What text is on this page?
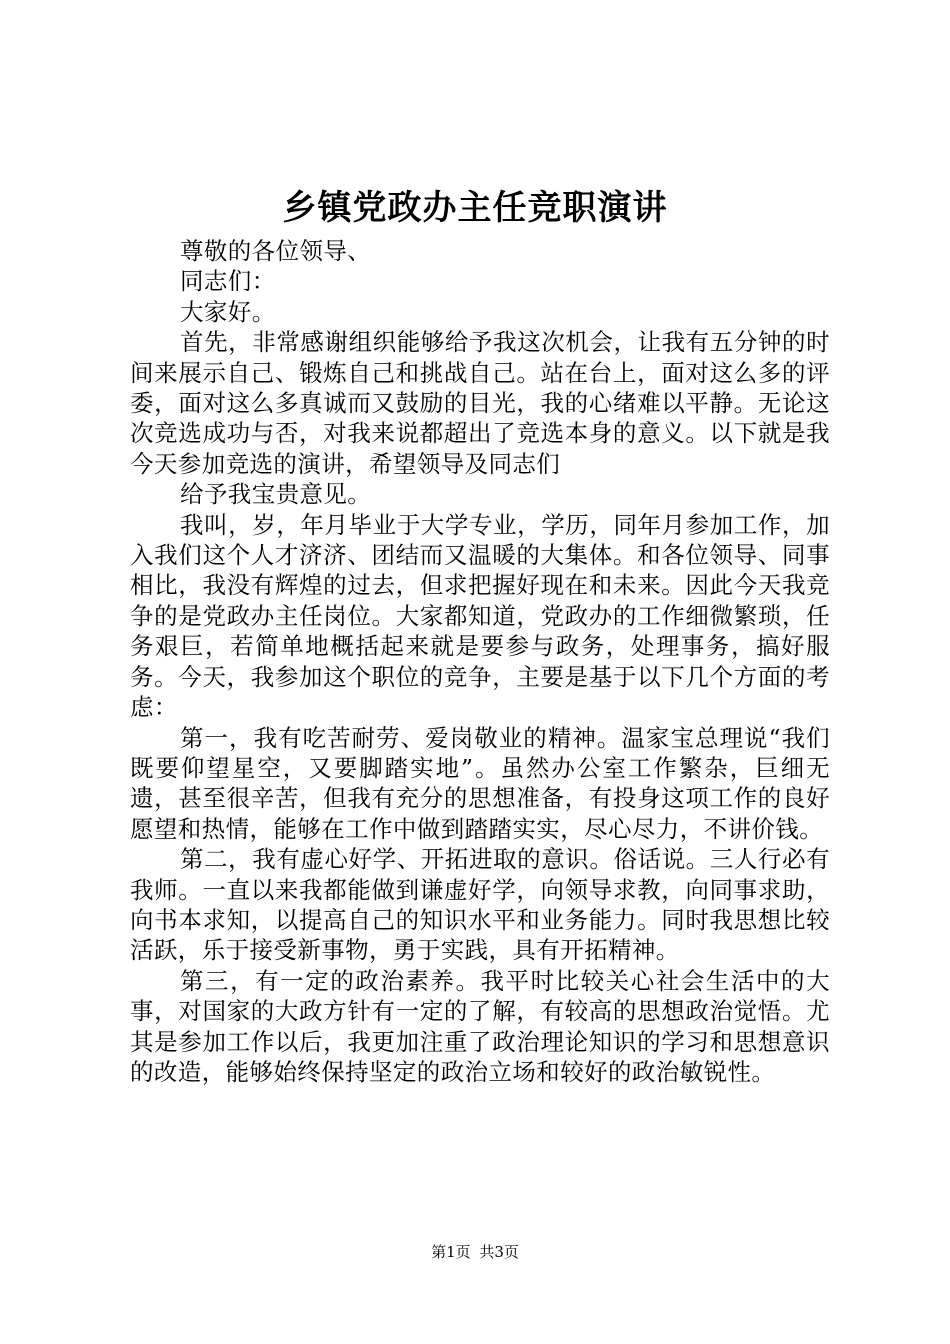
乡镇党政办主任竞职演讲

尊敬的各位领导、

同志们：

大家好。

首先，非常感谢组织能够给予我这次机会，让我有五分钟的时间来展示自己、锻炼自己和挑战自己。站在台上，面对这么多的评委，面对这么多真诚而又鼓励的目光，我的心绪难以平静。无论这次竞选成功与否，对我来说都超出了竞选本身的意义。以下就是我今天参加竞选的演讲，希望领导及同志们

给予我宝贵意见。

我叫，岁，年月毕业于大学专业，学历，同年月参加工作，加入我们这个人才济济、团结而又温暖的大集体。和各位领导、同事相比，我没有辉煌的过去，但求把握好现在和未来。因此今天我竞争的是党政办主任岗位。大家都知道，党政办的工作细微繁琐，任务艰巨，若简单地概括起来就是要参与政务，处理事务，搞好服务。今天，我参加这个职位的竞争，主要是基于以下几个方面的考虑：

第一，我有吃苦耐劳、爱岗敬业的精神。温家宝总理说“我们既要仰望星空，又要脚踏实地”。虽然办公室工作繁杂，巨细无遗，甚至很辛苦，但我有充分的思想准备，有投身这项工作的良好愿望和热情，能够在工作中做到踏踏实实，尽心尽力，不讲价钱。

第二，我有虚心好学、开拓进取的意识。俗话说。三人行必有我师。一直以来我都能做到谦虚好学，向领导求教，向同事求助，向书本求知，以提高自己的知识水平和业务能力。同时我思想比较活跃，乐于接受新事物，勇于实践，具有开拓精神。

第三，有一定的政治素养。我平时比较关心社会生活中的大事，对国家的大政方针有一定的了解，有较高的思想政治觉悟。尤其是参加工作以后，我更加注重了政治理论知识的学习和思想意识的改造，能够始终保持坚定的政治立场和较好的政治敏锐性。

第1页 共3页
